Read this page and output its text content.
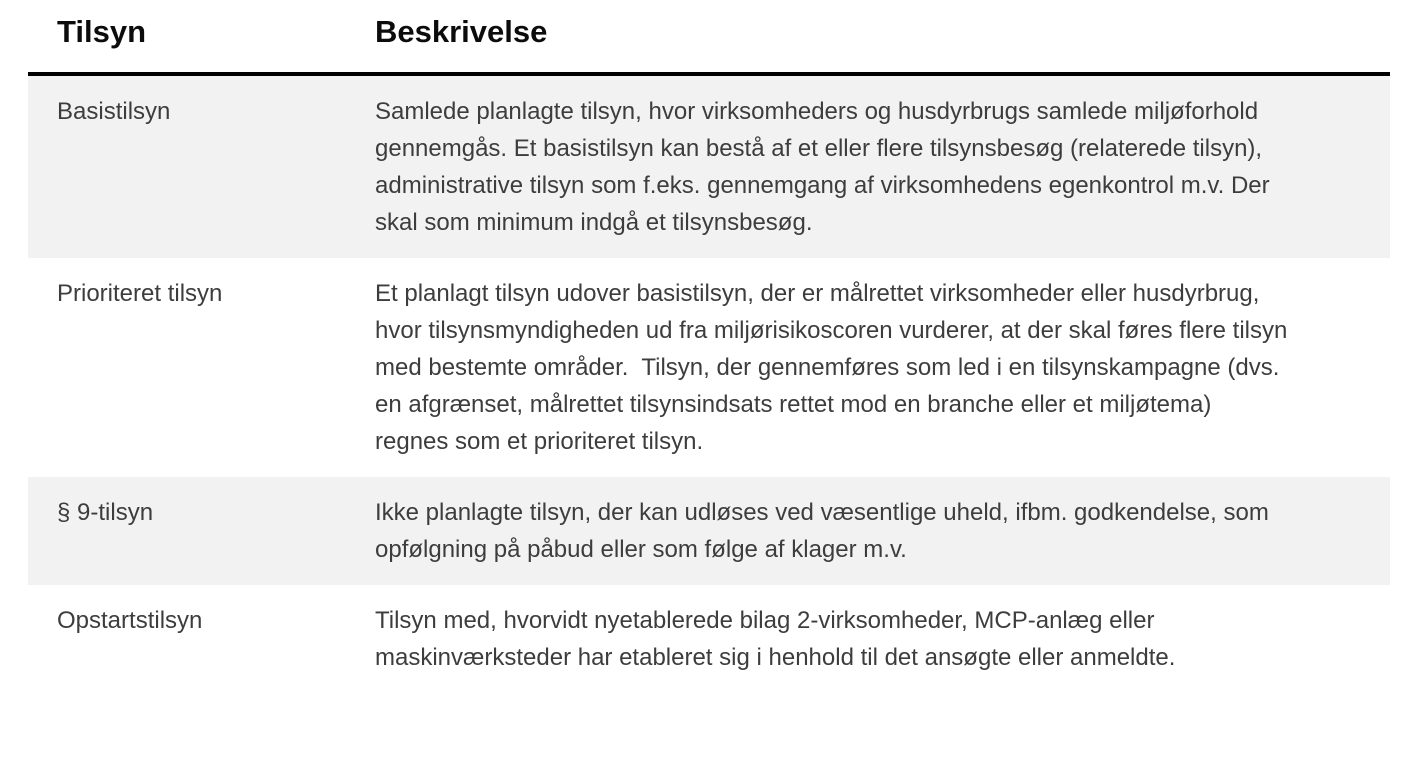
Tilsyn	Beskrivelse
Basistilsyn	Samlede planlagte tilsyn, hvor virksomheders og husdyrbrugs samlede miljøforhold gennemgås. Et basistilsyn kan bestå af et eller flere tilsynsbesøg (relaterede tilsyn), administrative tilsyn som f.eks. gennemgang af virksomhedens egenkontrol m.v. Der skal som minimum indgå et tilsynsbesøg.
Prioriteret tilsyn	Et planlagt tilsyn udover basistilsyn, der er målrettet virksomheder eller husdyrbrug, hvor tilsynsmyndigheden ud fra miljørisikoscoren vurderer, at der skal føres flere tilsyn med bestemte områder.  Tilsyn, der gennemføres som led i en tilsynskampagne (dvs. en afgrænset, målrettet tilsynsindsats rettet mod en branche eller et miljøtema) regnes som et prioriteret tilsyn.
§ 9-tilsyn	Ikke planlagte tilsyn, der kan udløses ved væsentlige uheld, ifbm. godkendelse, som opfølgning på påbud eller som følge af klager m.v.
Opstartstilsyn	Tilsyn med, hvorvidt nyetablerede bilag 2-virksomheder, MCP-anlæg eller maskinværksteder har etableret sig i henhold til det ansøgte eller anmeldte.
